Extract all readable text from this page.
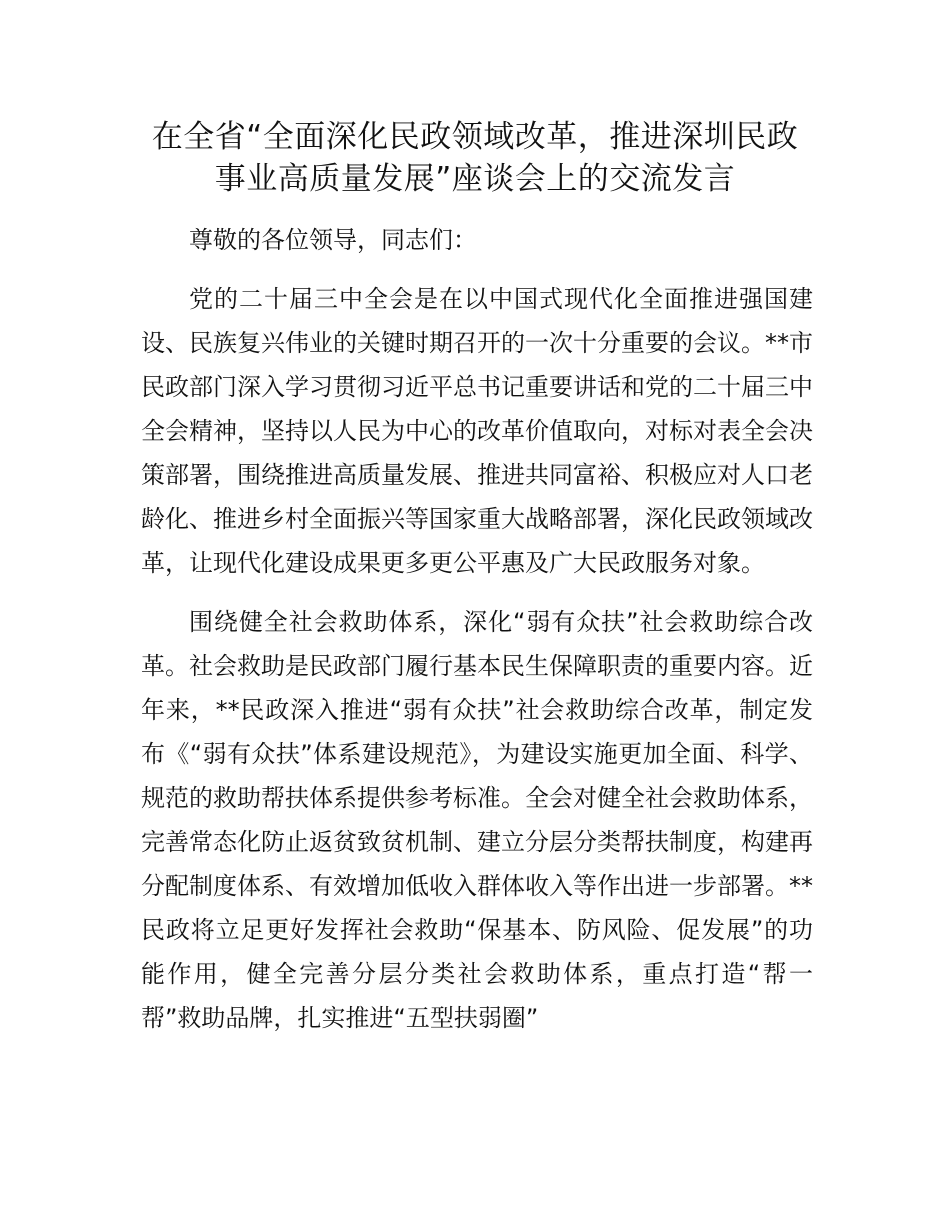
在全省“全面深化民政领域改革，推进深圳民政
事业高质量发展”座谈会上的交流发言

尊敬的各位领导，同志们：

党的二十届三中全会是在以中国式现代化全面推进强国建设、民族复兴伟业的关键时期召开的一次十分重要的会议。**市民政部门深入学习贯彻习近平总书记重要讲话和党的二十届三中全会精神，坚持以人民为中心的改革价值取向，对标对表全会决策部署，围绕推进高质量发展、推进共同富裕、积极应对人口老龄化、推进乡村全面振兴等国家重大战略部署，深化民政领域改革，让现代化建设成果更多更公平惠及广大民政服务对象。

围绕健全社会救助体系，深化“弱有众扶”社会救助综合改革。社会救助是民政部门履行基本民生保障职责的重要内容。近年来，**民政深入推进“弱有众扶”社会救助综合改革，制定发布《“弱有众扶”体系建设规范》，为建设实施更加全面、科学、规范的救助帮扶体系提供参考标准。全会对健全社会救助体系，完善常态化防止返贫致贫机制、建立分层分类帮扶制度，构建再分配制度体系、有效增加低收入群体收入等作出进一步部署。**民政将立足更好发挥社会救助“保基本、防风险、促发展”的功能作用，健全完善分层分类社会救助体系，重点打造“帮一帮”救助品牌，扎实推进“五型扶弱圈”
